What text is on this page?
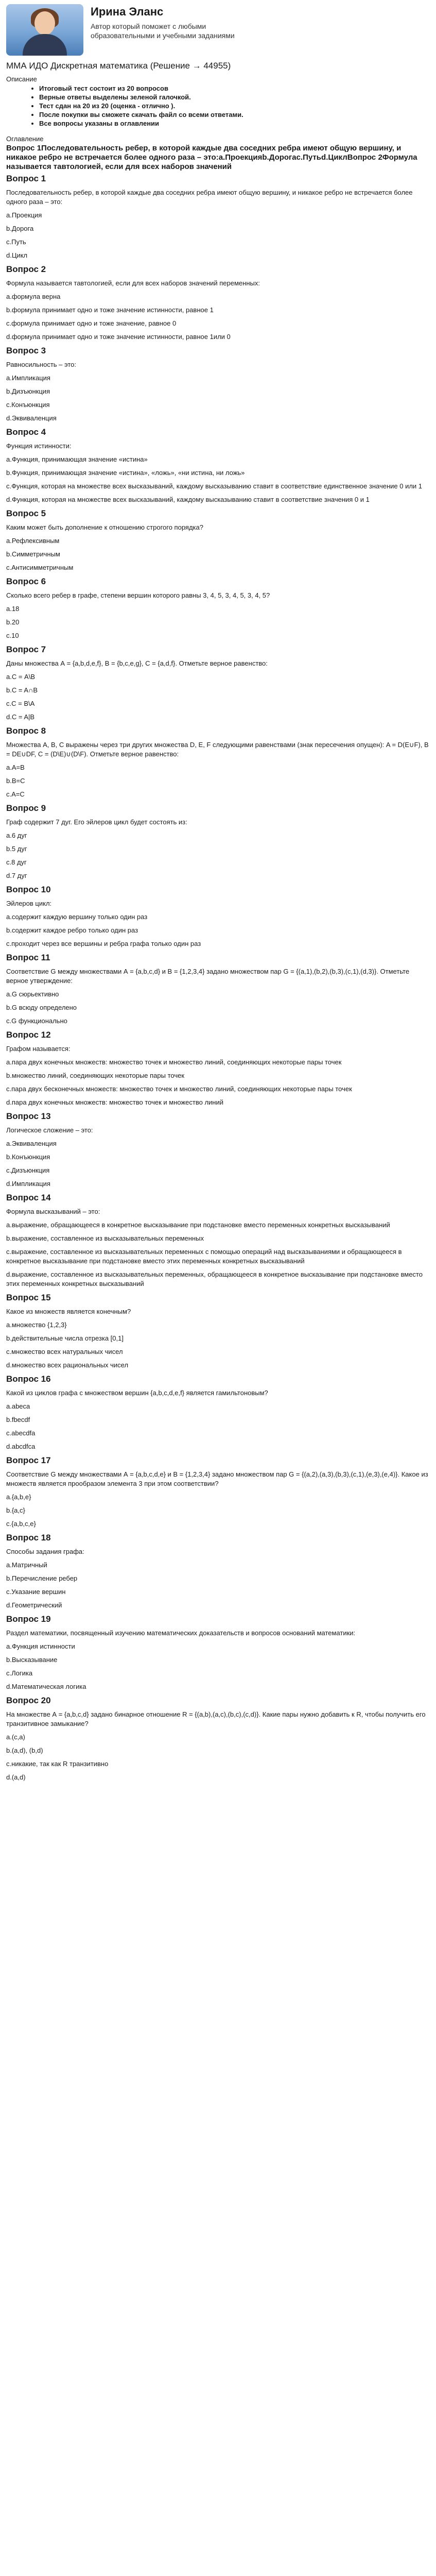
Ирина Эланс

Автор который поможет с любыми образовательными и учебными заданиями

ММА ИДО Дискретная математика (Решение → 44955)

Описание

• Итоговый тест состоит из 20 вопросов
• Верные ответы выделены зеленой галочкой.
• Тест сдан на 20 из 20 (оценка - отлично ).
• После покупки вы сможете скачать файл со всеми ответами.
• Все вопросы указаны в оглавлении

Оглавление

Вопрос 1Последовательность ребер, в которой каждые два соседних ребра имеют общую вершину, и никакое ребро не встречается более одного раза – это:a.Проекцияb.Дорогаc.Путьd.ЦиклВопрос 2Формула называется тавтологией, если для всех наборов значений

Вопрос 1

Последовательность ребер, в которой каждые два соседних ребра имеют общую вершину, и никакое ребро не встречается более одного раза – это:

a.Проекция

b.Дорога

c.Путь

d.Цикл

Вопрос 2

Формула называется тавтологией, если для всех наборов значений переменных:

a.формула верна

b.формула принимает одно и тоже значение истинности, равное 1

c.формула принимает одно и тоже значение, равное 0

d.формула принимает одно и тоже значение истинности, равное 1или 0

Вопрос 3

Равносильность – это:

a.Импликация

b.Дизъюнкция

c.Конъюнкция

d.Эквиваленция

Вопрос 4

Функция истинности:

a.Функция, принимающая значение «истина»

b.Функция, принимающая значение «истина», «ложь», «ни истина, ни ложь»

c.Функция, которая на множестве всех высказываний, каждому высказыванию ставит в соответствие единственное значение 0 или 1

d.Функция, которая на множестве всех высказываний, каждому высказыванию ставит в соответствие значения 0 и 1

Вопрос 5

Каким может быть дополнение к отношению строгого порядка?

a.Рефлексивным

b.Симметричным

c.Антисимметричным

Вопрос 6

Сколько всего ребер в графе, степени вершин которого равны 3, 4, 5, 3, 4, 5, 3, 4, 5?

a.18

b.20

c.10

Вопрос 7

Даны множества А = {a,b,d,e,f}, B = {b,c,e,g}, C = {a,d,f}. Отметьте верное равенство:

a.С = А\B

b.C = A∩B

c.C = B\A

d.C = A|B

Вопрос 8

Множества A, B, C выражены через три других множества D, E, F следующими равенствами (знак пересечения опущен): A = D(E∪F), B = DE∪DF, C = (D\E)∪(D\F). Отметьте верное равенство:

a.A=B

b.B=C

c.A=C

Вопрос 9

Граф содержит 7 дуг. Его эйлеров цикл будет состоять из:

a.6 дуг

b.5 дуг

c.8 дуг

d.7 дуг

Вопрос 10

Эйлеров цикл:

a.содержит каждую вершину только один раз

b.содержит каждое ребро только один раз

c.проходит через все вершины и ребра графа только один раз

Вопрос 11

Соответствие G между множествами А = {a,b,c,d} и B = {1,2,3,4} задано множеством пар G = {(a,1),(b,2),(b,3),(c,1),(d,3)}. Отметьте верное утверждение:

a.G сюрьективно

b.G всюду определено

c.G функционально

Вопрос 12

Графом называется:

a.пара двух конечных множеств: множество точек и множество линий, соединяющих некоторые пары точек

b.множество линий, соединяющих некоторые пары точек

c.пара двух бесконечных множеств: множество точек и множество линий, соединяющих некоторые пары точек

d.пара двух конечных множеств: множество точек и множество линий

Вопрос 13

Логическое сложение – это:

a.Эквиваленция

b.Конъюнкция

c.Дизъюнкция

d.Импликация

Вопрос 14

Формула высказываний – это:

a.выражение, обращающееся в конкретное высказывание при подстановке вместо переменных конкретных высказываний

b.выражение, составленное из высказывательных переменных

c.выражение, составленное из высказывательных переменных с помощью операций над высказываниями и обращающееся в конкретное высказывание при подстановке вместо этих переменных конкретных высказываний

d.выражение, составленное из высказывательных переменных, обращающееся в конкретное высказывание при подстановке вместо этих переменных конкретных высказываний

Вопрос 15

Какое из множеств является конечным?

a.множество {1,2,3}

b.действительные числа отрезка [0,1]

c.множество всех натуральных чисел

d.множество всех рациональных чисел

Вопрос 16

Какой из циклов графа с множеством вершин {a,b,c,d,e,f} является гамильтоновым?

a.abeca

b.fbecdf

c.abecdfa

d.abcdfca

Вопрос 17

Соответствие G между множествами А = {a,b,c,d,e} и B = {1,2,3,4} задано множеством пар G = {(a,2),(a,3),(b,3),(c,1),(e,3),(e,4)}. Какое из множеств является прообразом элемента 3 при этом соответствии?

a.{a,b,e}

b.{a,c}

c.{a,b,c,e}

Вопрос 18

Способы задания графа:

a.Матричный

b.Перечисление ребер

c.Указание вершин

d.Геометрический

Вопрос 19

Раздел математики, посвященный изучению математических доказательств и вопросов оснований математики:

a.Функция истинности

b.Высказывание

c.Логика

d.Математическая логика

Вопрос 20

На множестве А = {a,b,c,d} задано бинарное отношение R = {(a,b),(a,c),(b,c),(c,d)}. Какие пары нужно добавить к R, чтобы получить его транзитивное замыкание?

a.(c,a)

b.(a,d), (b,d)

c.никакие, так как R транзитивно

d.(a,d)
